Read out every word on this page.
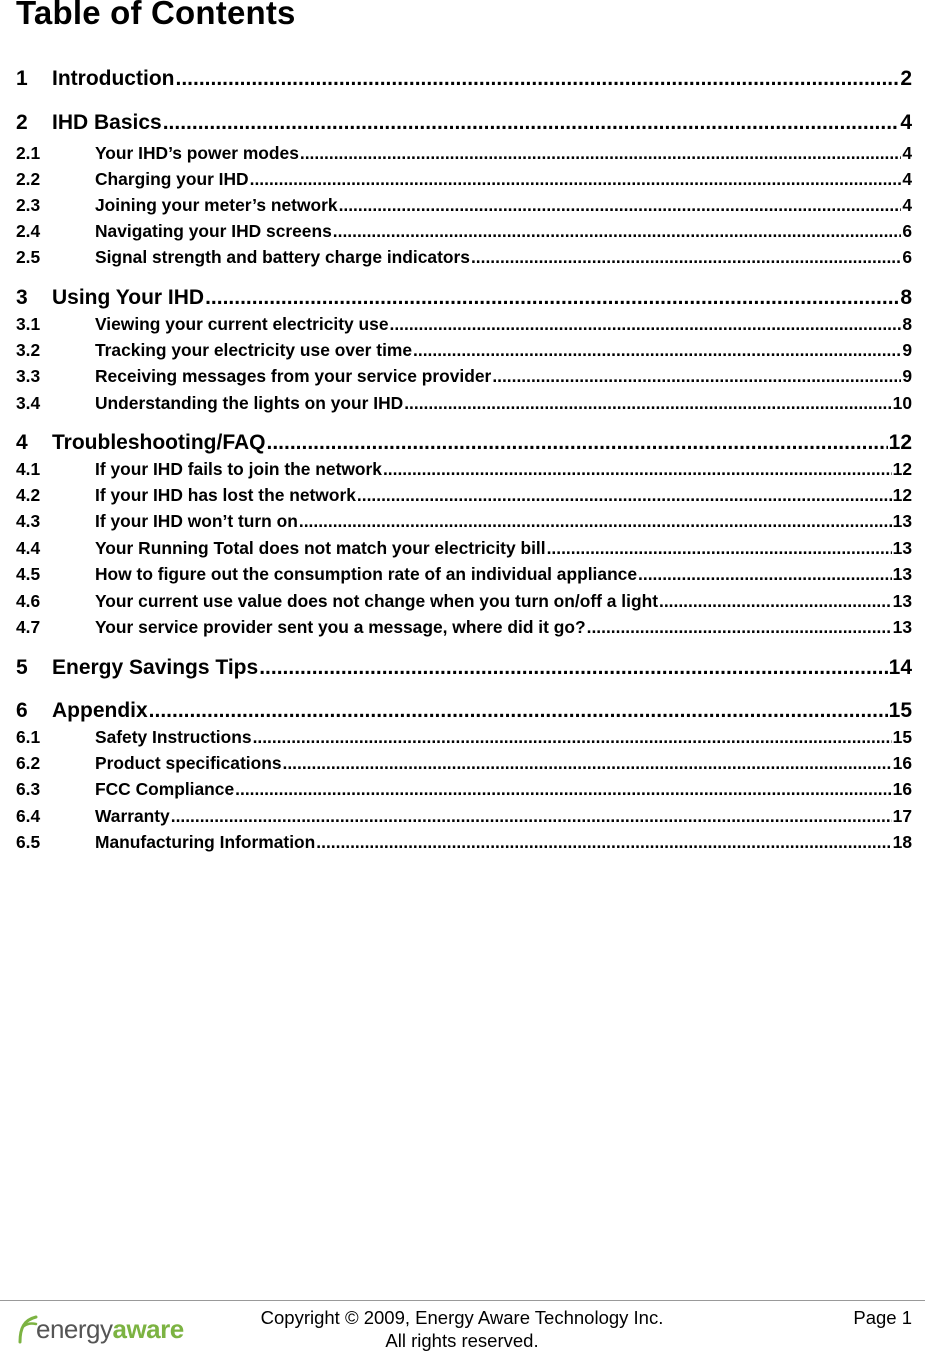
Table of Contents
1	Introduction .....	2
2	IHD Basics .....	4
2.1	Your IHD’s power modes .....	4
2.2	Charging your IHD .....	4
2.3	Joining your meter’s network .....	4
2.4	Navigating your IHD screens .....	6
2.5	Signal strength and battery charge indicators .....	6
3	Using Your IHD .....	8
3.1	Viewing your current electricity use .....	8
3.2	Tracking your electricity use over time .....	9
3.3	Receiving messages from your service provider .....	9
3.4	Understanding the lights on your IHD .....	10
4	Troubleshooting/FAQ .....	12
4.1	If your IHD fails to join the network .....	12
4.2	If your IHD has lost the network .....	12
4.3	If your IHD won’t turn on .....	13
4.4	Your Running Total does not match your electricity bill .....	13
4.5	How to figure out the consumption rate of an individual appliance .....	13
4.6	Your current use value does not change when you turn on/off a light .....	13
4.7	Your service provider sent you a message, where did it go? .....	13
5	Energy Savings Tips .....	14
6	Appendix .....	15
6.1	Safety Instructions .....	15
6.2	Product specifications .....	16
6.3	FCC Compliance .....	16
6.4	Warranty .....	17
6.5	Manufacturing Information .....	18
energyaware	Copyright © 2009, Energy Aware Technology Inc.
All rights reserved.
Page 1
